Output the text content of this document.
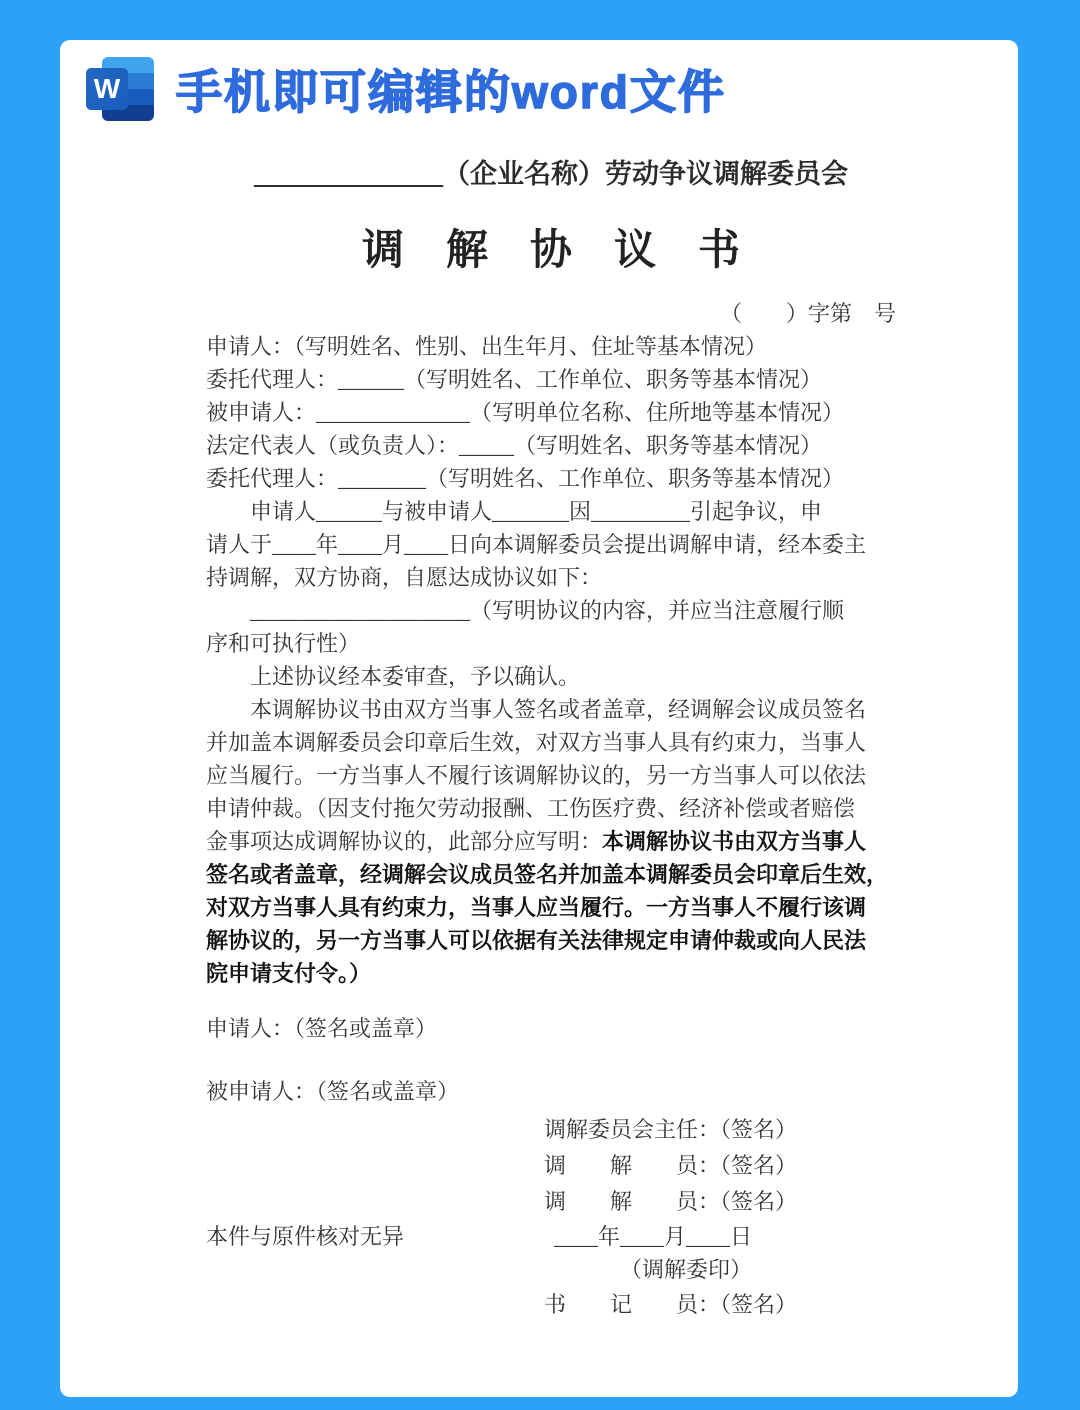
W 手机即可编辑的word文件
______________（企业名称）劳动争议调解委员会
调　解　协　议　书
（　　）字第　号
申请人：（写明姓名、性别、出生年月、住址等基本情况）
委托代理人：______（写明姓名、工作单位、职务等基本情况）
被申请人：______________（写明单位名称、住所地等基本情况）
法定代表人（或负责人）：_____（写明姓名、职务等基本情况）
委托代理人：________（写明姓名、工作单位、职务等基本情况）
　　申请人______与被申请人_______因_________引起争议，申
请人于____年____月____日向本调解委员会提出调解申请，经本委主
持调解，双方协商，自愿达成协议如下：
　　____________________（写明协议的内容，并应当注意履行顺
序和可执行性）
　　上述协议经本委审查，予以确认。
　　本调解协议书由双方当事人签名或者盖章，经调解会议成员签名
并加盖本调解委员会印章后生效，对双方当事人具有约束力，当事人
应当履行。一方当事人不履行该调解协议的，另一方当事人可以依法
申请仲裁。（因支付拖欠劳动报酬、工伤医疗费、经济补偿或者赔偿
金事项达成调解协议的，此部分应写明：本调解协议书由双方当事人
签名或者盖章，经调解会议成员签名并加盖本调解委员会印章后生效，
对双方当事人具有约束力，当事人应当履行。一方当事人不履行该调
解协议的，另一方当事人可以依据有关法律规定申请仲裁或向人民法
院申请支付令。）
申请人：（签名或盖章）
被申请人：（签名或盖章）
调解委员会主任：（签名）
调　　解　　员：（签名）
调　　解　　员：（签名）
本件与原件核对无异	____年____月____日
（调解委印）
书　　记　　员：（签名）
